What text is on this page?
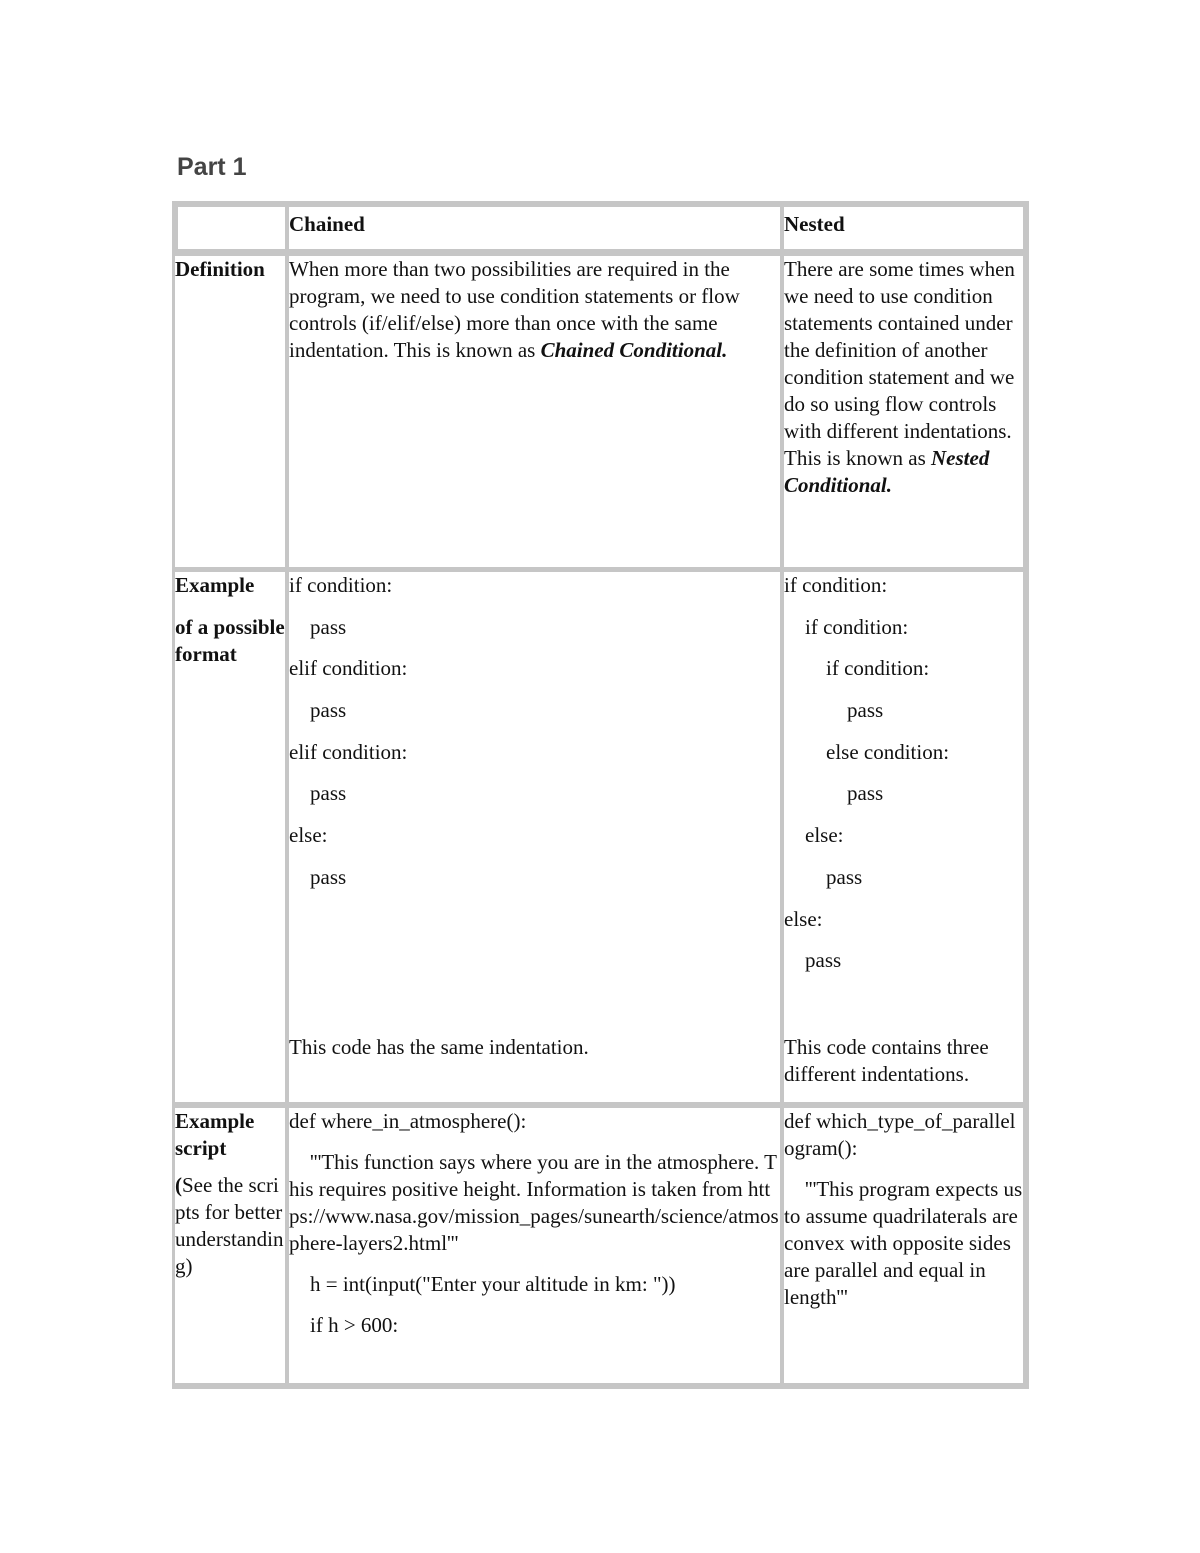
Part 1
Chained	Nested
Definition	When more than two possibilities are required in the program, we need to use condition statements or flow controls (if/elif/else) more than once with the same indentation. This is known as Chained Conditional.

There are some times when we need to use condition statements contained under the definition of another condition statement and we do so using flow controls with different indentations. This is known as Nested Conditional.

Example

of a possible format

if condition:
pass
elif condition:
pass
elif condition:
pass
else:
pass

This code has the same indentation.

if condition:
if condition:
if condition:
pass
else condition:
pass
else:
pass
else:
pass

This code contains three different indentations.

Example script

(See the scripts for better understanding)

def where_in_atmosphere():

'''This function says where you are in the atmosphere. This requires positive height. Information is taken from https://www.nasa.gov/mission_pages/sunearth/science/atmosphere-layers2.html'''

h = int(input("Enter your altitude in km: "))

if h > 600:

def which_type_of_parallelogram():

'''This program expects us to assume quadrilaterals are convex with opposite sides are parallel and equal in length'''
